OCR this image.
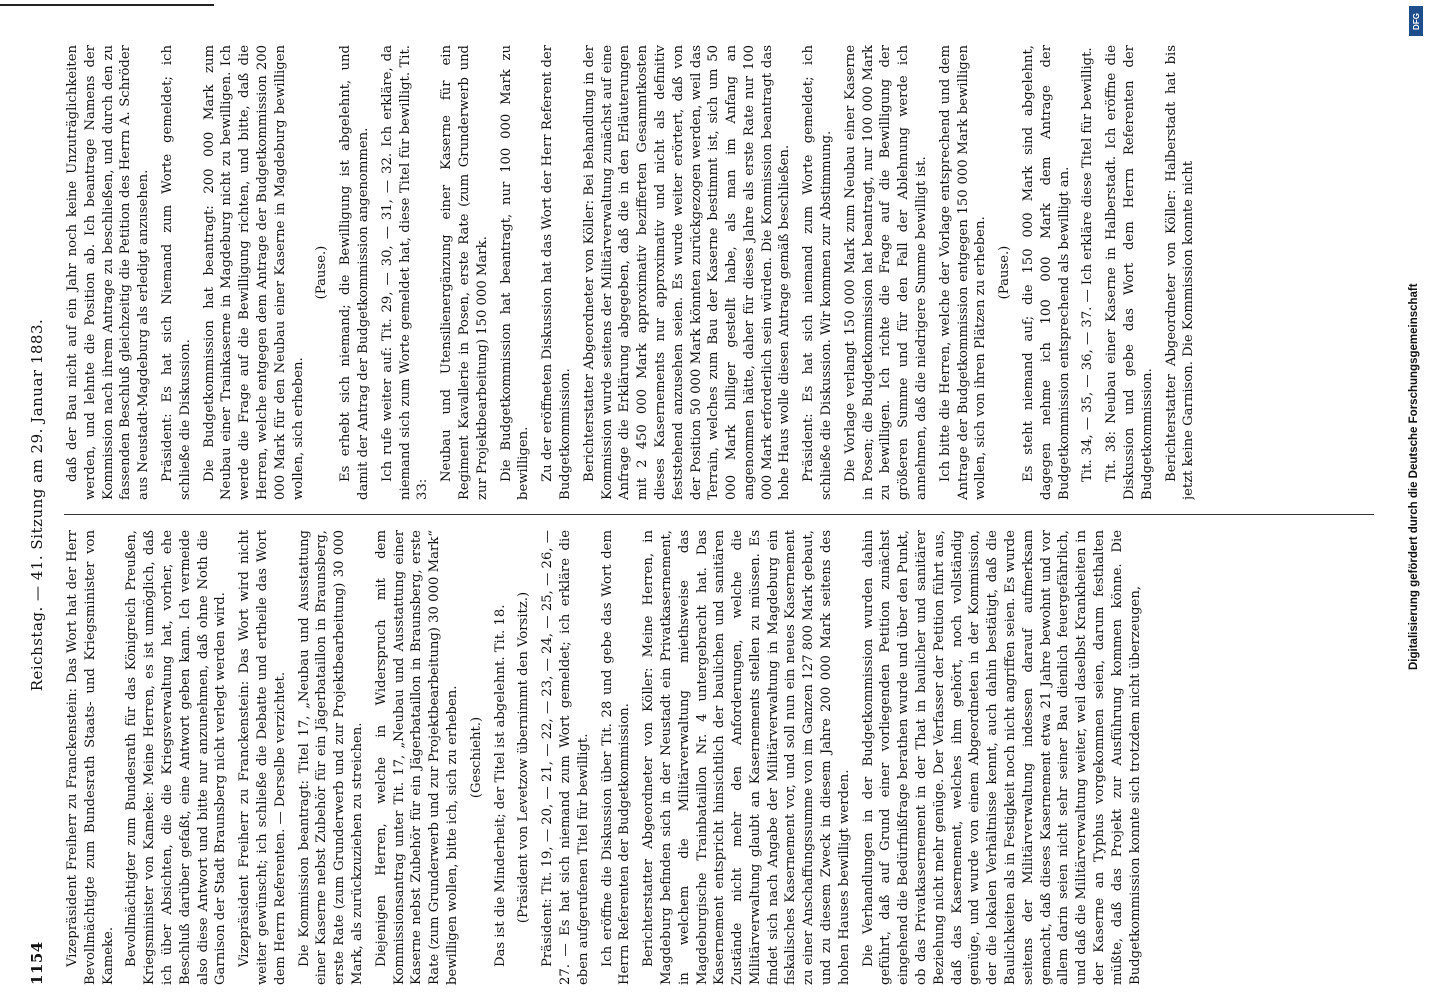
1154
Reichstag. — 41. Sitzung am 29. Januar 1883.

Vizepräsident Freiherr zu Franckenstein: Das Wort hat der Herr Bevollmächtigte zum Bundesrath Staats- und Kriegsminister von Kameke. Bevollmächtigter zum Bundesrath für das Königreich Preußen, Kriegsminister von Kameke: Meine Herren, es ist unmöglich, daß ich über Absichten, die die Kriegsverwaltung hat, vorher, ehe Beschluß darüber gefaßt, eine Antwort geben kann. Ich vermeide also diese Antwort und bitte nur anzunehmen, daß ohne Noth die Garnison der Stadt Braunsberg nicht verlegt werden wird. Vizepräsident Freiherr zu Franckenstein: Das Wort wird nicht weiter gewünscht; ich schließe die Debatte und ertheile das Wort dem Herrn Referenten. — Derselbe verzichtet. Die Kommission beantragt: Titel 17, „Neubau und Ausstattung einer Kaserne nebst Zubehör für ein Jägerbataillon in Braunsberg, erste Rate (zum Grunderwerb und zur Projektbearbeitung) 30 000 Mark, als zurückzuziehen zu streichen. Diejenigen Herren, welche in Widerspruch mit dem Kommissionsantrag unter Tit. 17, „Neubau und Ausstattung einer Kaserne nebst Zubehör für ein Jägerbataillon in Braunsberg, erste Rate (zum Grunderwerb und zur Projektbearbeitung) 30 000 Mark“ bewilligen wollen, bitte ich, sich zu erheben. (Geschieht.) Das ist die Minderheit; der Titel ist abgelehnt. Tit. 18. (Präsident von Levetzow übernimmt den Vorsitz.) Präsident: Tit. 19, — 20, — 21, — 22, — 23, — 24, — 25, — 26, — 27. — Es hat sich niemand zum Wort gemeldet; ich erkläre die eben aufgerufenen Titel für bewilligt. Ich eröffne die Diskussion über Tit. 28 und gebe das Wort dem Herrn Referenten der Budgetkommission. Berichterstatter Abgeordneter von Köller: Meine Herren, in Magdeburg befinden sich in der Neustadt ein Privatkasernement, in welchem die Militärverwaltung miethsweise das Magdeburgische Trainbataillon Nr. 4 untergebracht hat. Das Kasernement entspricht hinsichtlich der baulichen und sanitären Zustände nicht mehr den Anforderungen, welche die Militärverwaltung glaubt an Kasernements stellen zu müssen. Es findet sich nach Angabe der Militärverwaltung in Magdeburg ein fiskalisches Kasernement vor, und soll nun ein neues Kasernement zu einer Anschaffungssumme von im Ganzen 127 800 Mark gebaut, und zu diesem Zweck in diesem Jahre 200 000 Mark seitens des hohen Hauses bewilligt werden. Die Verhandlungen in der Budgetkommission wurden dahin geführt, daß auf Grund einer vorliegenden Petition zunächst eingehend die Bedürfnißfrage berathen wurde und über den Punkt, ob das Privatkasernement in der That in baulicher und sanitärer Beziehung nicht mehr genüge. Der Verfasser der Petition führt aus, daß das Kasernement, welches ihm gehört, noch vollständig genüge, und wurde von einem Abgeordneten in der Kommission, der die lokalen Verhältnisse kennt, auch dahin bestätigt, daß die Baulichkeiten als in Festigkeit noch nicht angriffen seien. Es wurde seitens der Militärverwaltung indessen darauf aufmerksam gemacht, daß dieses Kasernement etwa 21 Jahre bewohnt und vor allem darin seien nicht sehr seiner Bau dienlich feuergefährlich, und daß die Militärverwaltung weiter, weil daselbst Krankheiten in der Kaserne an Typhus vorgekommen seien, darum festhalten müßte, daß das Projekt zur Ausführung kommen könne. Die Budgetkommission konnte sich trotzdem nicht überzeugen,

daß der Bau nicht auf ein Jahr noch keine Unzuträglichkeiten werden, und lehnte die Position ab. Ich beantrage Namens der Kommission nach ihrem Antrage zu beschließen, und durch den zu fassenden Beschluß gleichzeitig die Petition des Herrn A. Schröder aus Neustadt-Magdeburg als erledigt anzusehen. Präsident: Es hat sich Niemand zum Worte gemeldet; ich schließe die Diskussion. Die Budgetkommission hat beantragt: 200 000 Mark zum Neubau einer Trainkaserne in Magdeburg nicht zu bewilligen. Ich werde die Frage auf die Bewilligung richten, und bitte, daß die Herren, welche entgegen dem Antrage der Budgetkommission 200 000 Mark für den Neubau einer Kaserne in Magdeburg bewilligen wollen, sich erheben.

(Pause.) Es erhebt sich niemand; die Bewilligung ist abgelehnt, und damit der Antrag der Budgetkommission angenommen. Ich rufe weiter auf: Tit. 29, — 30, — 31, — 32. Ich erkläre, da niemand sich zum Worte gemeldet hat, diese Titel für bewilligt. Tit. 33:

Neubau und Utensilienergänzung einer Kaserne für ein Regiment Kavallerie in Posen, erste Rate (zum Grunderwerb und zur Projektbearbeitung) 150 000 Mark. Die Budgetkommission hat beantragt, nur 100 000 Mark zu bewilligen. Zu der eröffneten Diskussion hat das Wort der Herr Referent der Budgetkommission. Berichterstatter Abgeordneter von Köller: Bei Behandlung in der Kommission wurde seitens der Militärverwaltung zunächst auf eine Anfrage die Erklärung abgegeben, daß die in den Erläuterungen mit 2 450 000 Mark approximativ bezifferten Gesammtkosten dieses Kasernements nur approximativ und nicht als definitiv feststehend anzusehen seien. Es wurde weiter erörtert, daß von der Position 50 000 Mark könnten zurückgezogen werden, weil das Terrain, welches zum Bau der Kaserne bestimmt ist, sich um 50 000 Mark billiger gestellt habe, als man im Anfang an angenommen hätte, daher für dieses Jahre als erste Rate nur 100 000 Mark erforderlich sein würden. Die Kommission beantragt das hohe Haus wolle diesen Antrage gemäß beschließen. Präsident: Es hat sich niemand zum Worte gemeldet; ich schließe die Diskussion. Wir kommen zur Abstimmung. Die Vorlage verlangt 150 000 Mark zum Neubau einer Kaserne in Posen; die Budgetkommission hat beantragt, nur 100 000 Mark zu bewilligen. Ich richte die Frage auf die Bewilligung der größeren Summe und für den Fall der Ablehnung werde ich annehmen, daß die niedrigere Summe bewilligt ist. Ich bitte die Herren, welche der Vorlage entsprechend und dem Antrage der Budgetkommission entgegen 150 000 Mark bewilligen wollen, sich von ihren Plätzen zu erheben. (Pause.) Es steht niemand auf; die 150 000 Mark sind abgelehnt, dagegen nehme ich 100 000 Mark dem Antrage der Budgetkommission entsprechend als bewilligt an. Tit. 34, — 35, — 36, — 37. — Ich erkläre diese Titel für bewilligt. Tit. 38: Neubau einer Kaserne in Halberstadt. Ich eröffne die Diskussion und gebe das Wort dem Herrn Referenten der Budgetkommission. Berichterstatter Abgeordneter von Köller: Halberstadt hat bis jetzt keine Garnison. Die Kommission konnte nicht

DFG
Digitalisierung gefördert durch die Deutsche Forschungsgemeinschaft
